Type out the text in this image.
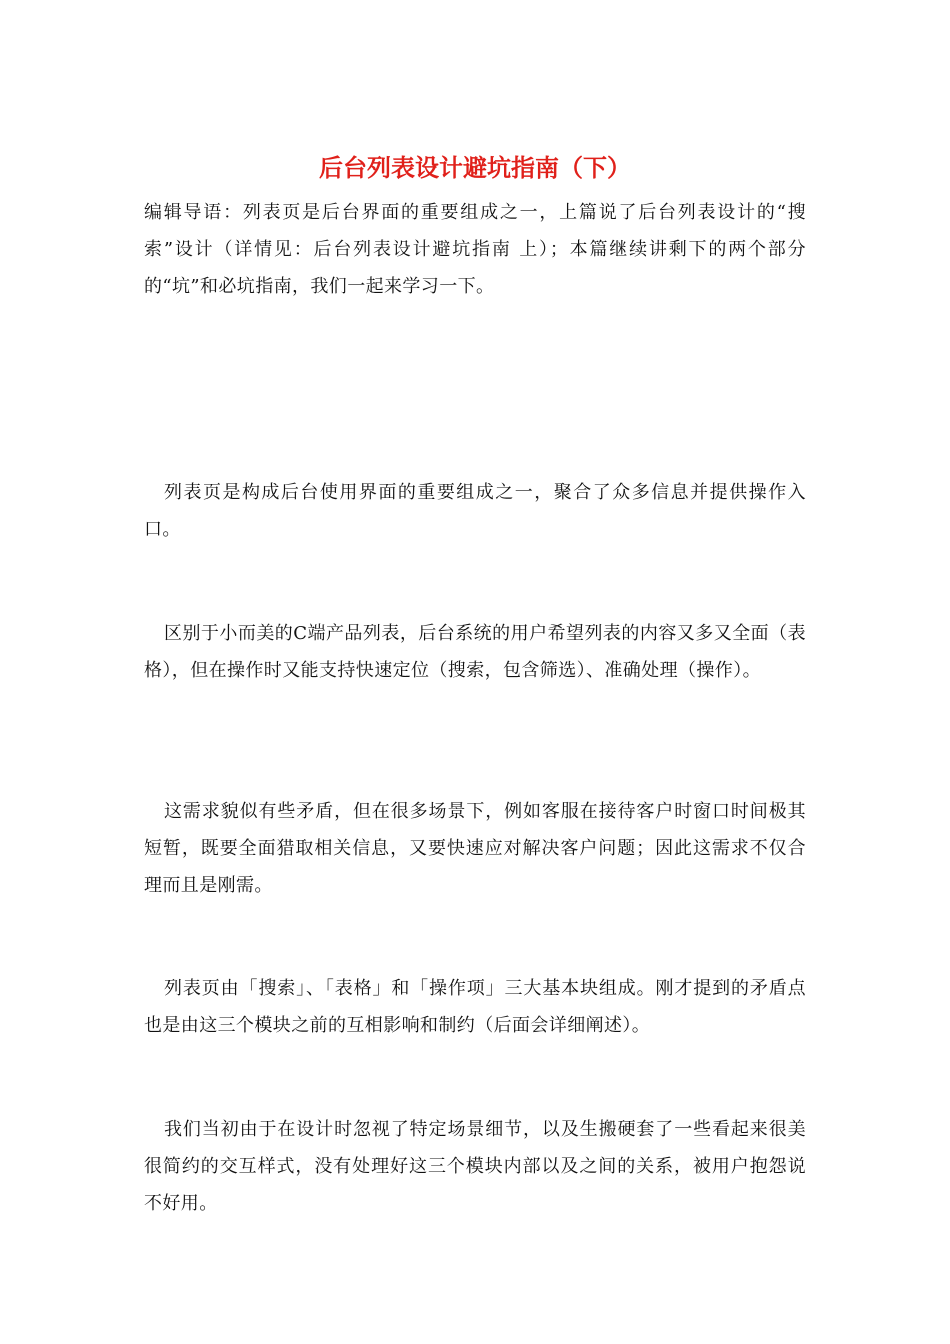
后台列表设计避坑指南（下）

编辑导语：列表页是后台界面的重要组成之一，上篇说了后台列表设计的“搜索”设计（详情见：后台列表设计避坑指南 上）；本篇继续讲剩下的两个部分的“坑”和必坑指南，我们一起来学习一下。

列表页是构成后台使用界面的重要组成之一，聚合了众多信息并提供操作入口。

区别于小而美的C端产品列表，后台系统的用户希望列表的内容又多又全面（表格），但在操作时又能支持快速定位（搜索，包含筛选）、准确处理（操作）。

这需求貌似有些矛盾，但在很多场景下，例如客服在接待客户时窗口时间极其短暂，既要全面猎取相关信息，又要快速应对解决客户问题；因此这需求不仅合理而且是刚需。

列表页由「搜索」、「表格」和「操作项」三大基本块组成。刚才提到的矛盾点也是由这三个模块之前的互相影响和制约（后面会详细阐述）。

我们当初由于在设计时忽视了特定场景细节，以及生搬硬套了一些看起来很美很简约的交互样式，没有处理好这三个模块内部以及之间的关系，被用户抱怨说不好用。
